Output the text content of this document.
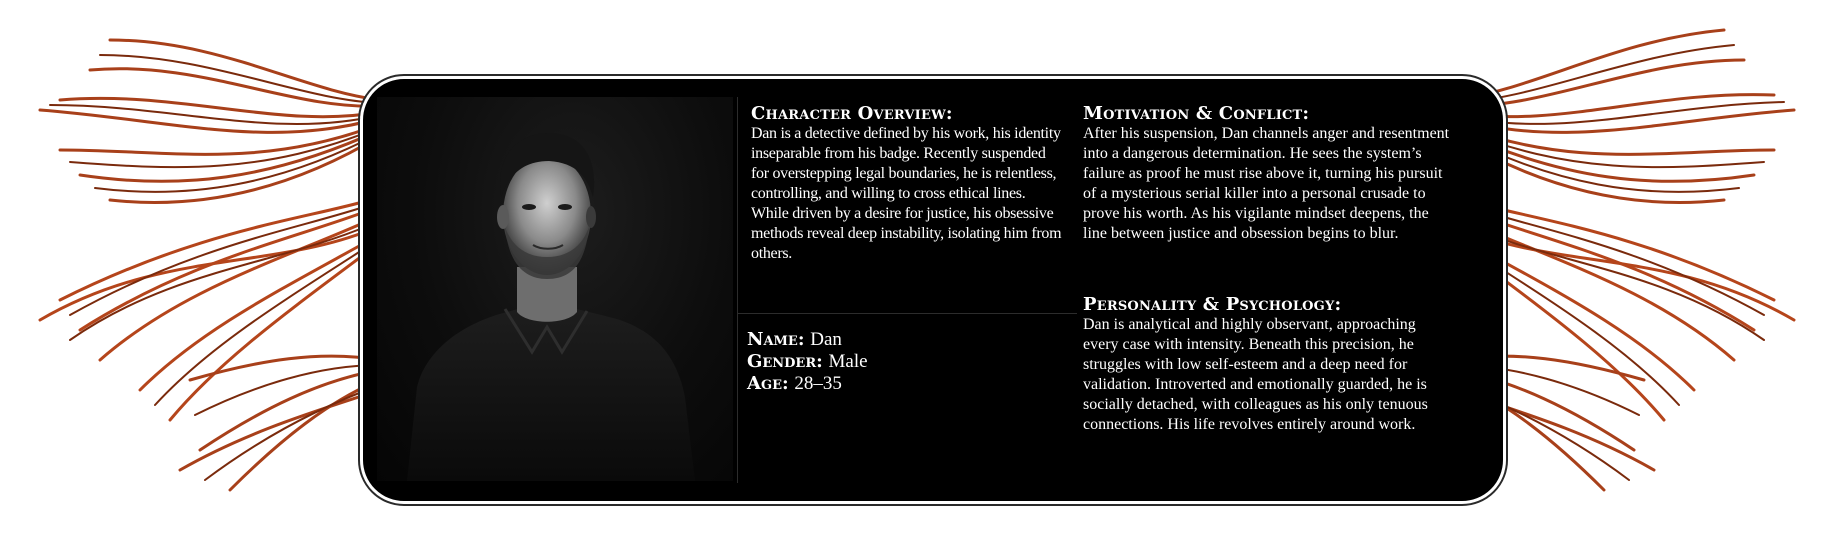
Character Overview:

Dan is a detective defined by his work, his identity inseparable from his badge. Recently suspended for overstepping legal boundaries, he is relentless, controlling, and willing to cross ethical lines. While driven by a desire for justice, his obsessive methods reveal deep instability, isolating him from others.

Name: Dan
Gender: Male
Age: 28–35

Motivation & Conflict:

After his suspension, Dan channels anger and resentment into a dangerous determination. He sees the system’s failure as proof he must rise above it, turning his pursuit of a mysterious serial killer into a personal crusade to prove his worth. As his vigilante mindset deepens, the line between justice and obsession begins to blur.

Personality & Psychology:

Dan is analytical and highly observant, approaching every case with intensity. Beneath this precision, he struggles with low self-esteem and a deep need for validation. Introverted and emotionally guarded, he is socially detached, with colleagues as his only tenuous connections. His life revolves entirely around work.
